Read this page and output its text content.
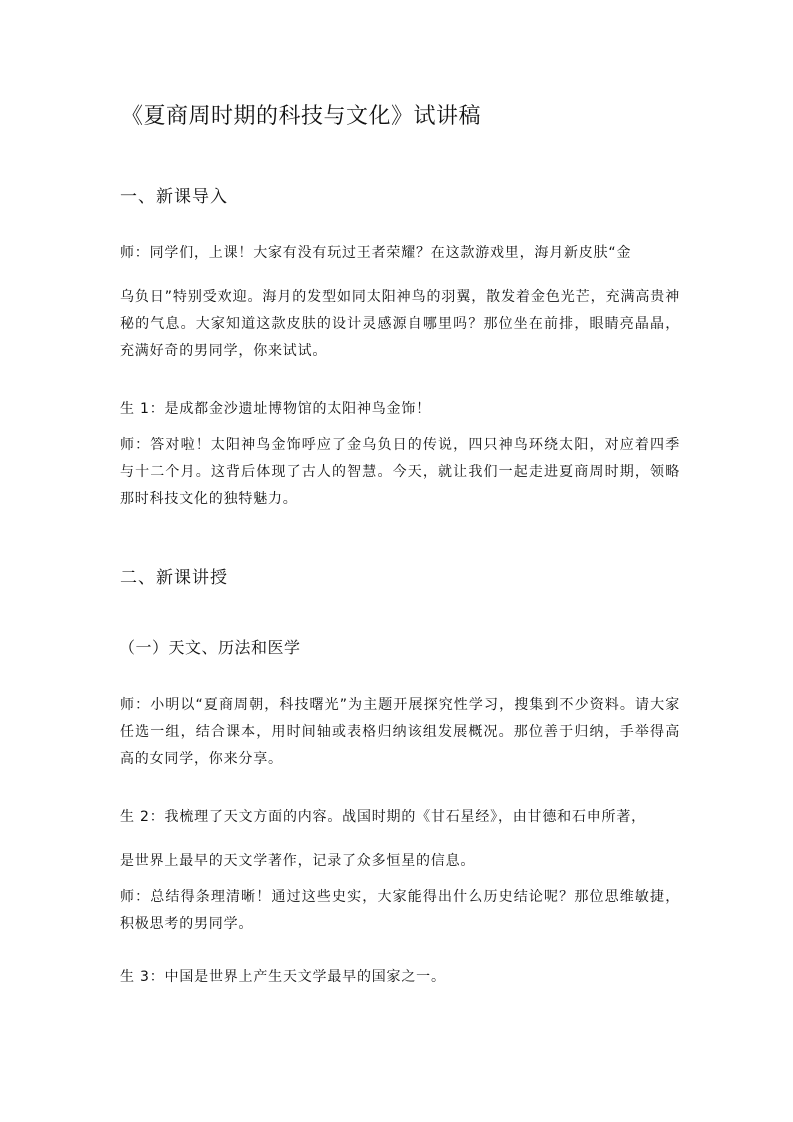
《夏商周时期的科技与文化》试讲稿
一、新课导入

师：同学们，上课！大家有没有玩过王者荣耀？在这款游戏里，海月新皮肤“金

乌负日”特别受欢迎。海月的发型如同太阳神鸟的羽翼，散发着金色光芒，充满高贵神秘的气息。大家知道这款皮肤的设计灵感源自哪里吗？那位坐在前排，眼睛亮晶晶，充满好奇的男同学，你来试试。

生 1：是成都金沙遗址博物馆的太阳神鸟金饰！

师：答对啦！太阳神鸟金饰呼应了金乌负日的传说，四只神鸟环绕太阳，对应着四季与十二个月。这背后体现了古人的智慧。今天，就让我们一起走进夏商周时期，领略那时科技文化的独特魅力。

二、新课讲授
（一）天文、历法和医学

师：小明以“夏商周朝，科技曙光”为主题开展探究性学习，搜集到不少资料。请大家任选一组，结合课本，用时间轴或表格归纳该组发展概况。那位善于归纳，手举得高高的女同学，你来分享。

生 2：我梳理了天文方面的内容。战国时期的《甘石星经》，由甘德和石申所著，

是世界上最早的天文学著作，记录了众多恒星的信息。

师：总结得条理清晰！通过这些史实，大家能得出什么历史结论呢？那位思维敏捷，积极思考的男同学。

生 3：中国是世界上产生天文学最早的国家之一。
